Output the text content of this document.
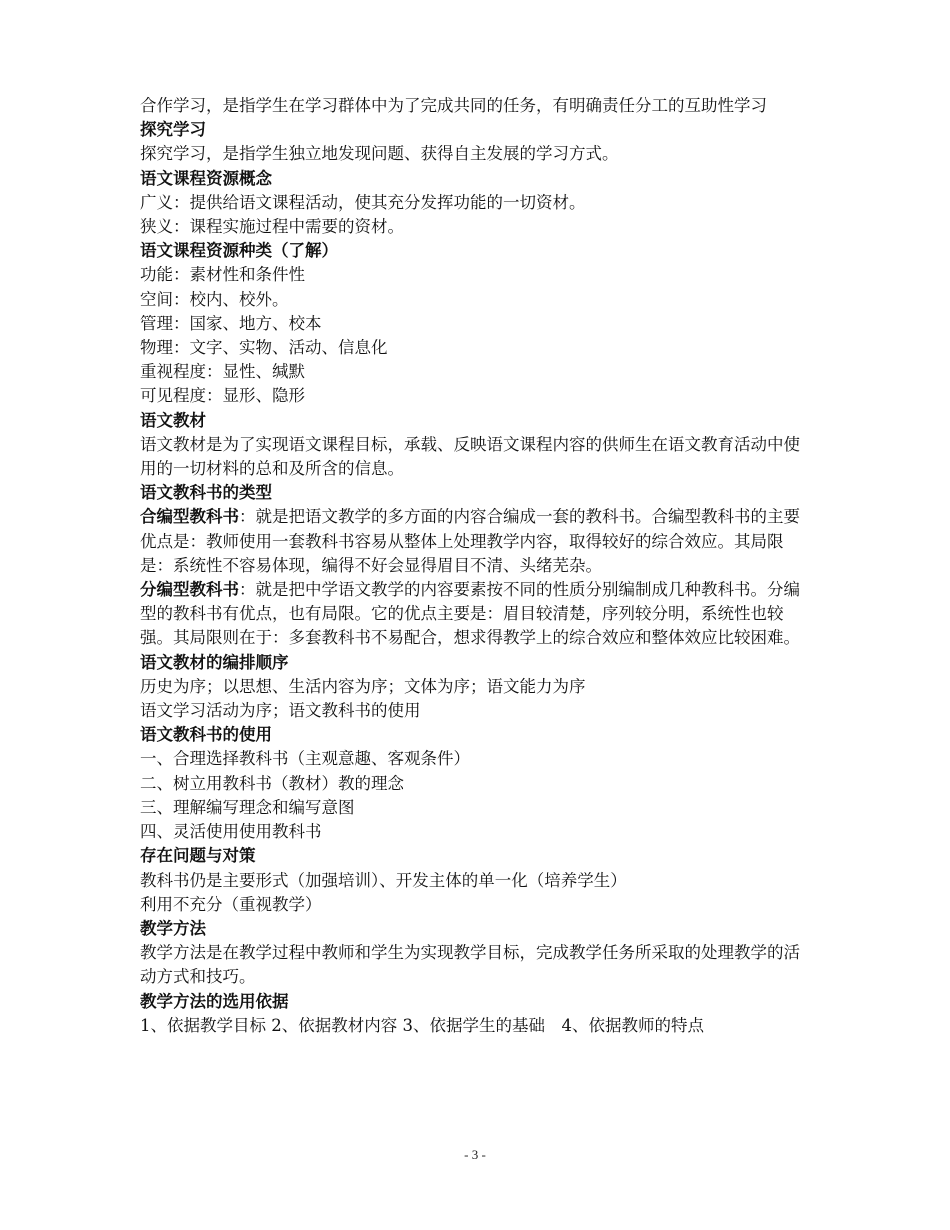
合作学习，是指学生在学习群体中为了完成共同的任务，有明确责任分工的互助性学习

探究学习

探究学习，是指学生独立地发现问题、获得自主发展的学习方式。

语文课程资源概念

广义：提供给语文课程活动，使其充分发挥功能的一切资材。

狭义：课程实施过程中需要的资材。

语文课程资源种类（了解）

功能：素材性和条件性

空间：校内、校外。

管理：国家、地方、校本

物理：文字、实物、活动、信息化

重视程度：显性、缄默

可见程度：显形、隐形

语文教材

语文教材是为了实现语文课程目标，承载、反映语文课程内容的供师生在语文教育活动中使用的一切材料的总和及所含的信息。

语文教科书的类型

合编型教科书：就是把语文教学的多方面的内容合编成一套的教科书。合编型教科书的主要优点是：教师使用一套教科书容易从整体上处理教学内容，取得较好的综合效应。其局限是：系统性不容易体现，编得不好会显得眉目不清、头绪芜杂。

分编型教科书：就是把中学语文教学的内容要素按不同的性质分别编制成几种教科书。分编型的教科书有优点，也有局限。它的优点主要是：眉目较清楚，序列较分明，系统性也较强。其局限则在于：多套教科书不易配合，想求得教学上的综合效应和整体效应比较困难。

语文教材的编排顺序

历史为序；以思想、生活内容为序；文体为序；语文能力为序

语文学习活动为序；语文教科书的使用

语文教科书的使用

一、合理选择教科书（主观意趣、客观条件）

二、树立用教科书（教材）教的理念

三、理解编写理念和编写意图

四、灵活使用使用教科书

存在问题与对策

教科书仍是主要形式（加强培训）、开发主体的单一化（培养学生）

利用不充分（重视教学）

教学方法

教学方法是在教学过程中教师和学生为实现教学目标，完成教学任务所采取的处理教学的活动方式和技巧。

教学方法的选用依据

1、依据教学目标 2、依据教材内容 3、依据学生的基础　4、依据教师的特点

- 3 -
